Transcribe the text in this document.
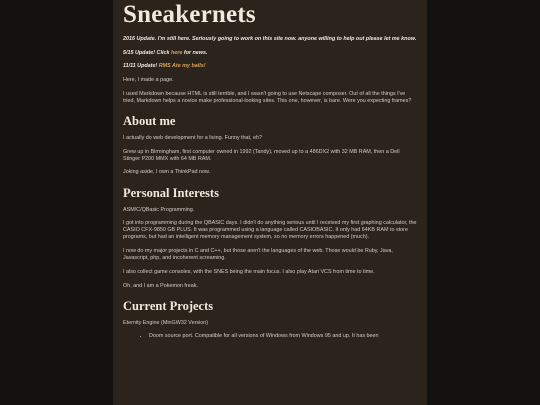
Sneakernets

2016 Update. I'm still here. Seriously going to work on this site now. anyone willing to help out please let me know.

5/15 Update! Click here for news.

11/11 Update! RMS Ate my balls!

Here, I made a page.

I used Markdown because HTML is still terrible, and I wasn't going to use Netscape composer. Out of all the things I've tried, Markdown helps a novice make professional-looking sites. This one, however, is bare. Were you expecting frames?

About me

I actually do web development for a living. Funny that, eh?

Grew up in Birmingham, first computer owned in 1992 (Tandy), moved up to a 486DX2 with 32 MB RAM, then a Dell Stinger P200 MMX with 64 MB RAM.

Joking aside, I own a ThinkPad now.

Personal Interests

ASM/C/QBasic Programming.

I got into programming during the QBASIC days. I didn't do anything serious until I received my first graphing calculator, the CASIO CFX-9850 GB PLUS. It was programmed using a language called CASIOBASIC. It only had 64KB RAM to store programs, but had an intelligent memory management system, so no memory errors happened (much).

I now do my major projects in C and C++, but those aren't the languages of the web. Those would be Ruby, Java, Javascript, php, and incoherent screaming.

I also collect game consoles, with the SNES being the main focus. I also play Atari VCS from time to time.

Oh, and I am a Pokemon freak.

Current Projects

Eternity Engine (MinGW32 Version)

• Doom source port. Compatible for all versions of Windows from Windows 95 and up. It has been
